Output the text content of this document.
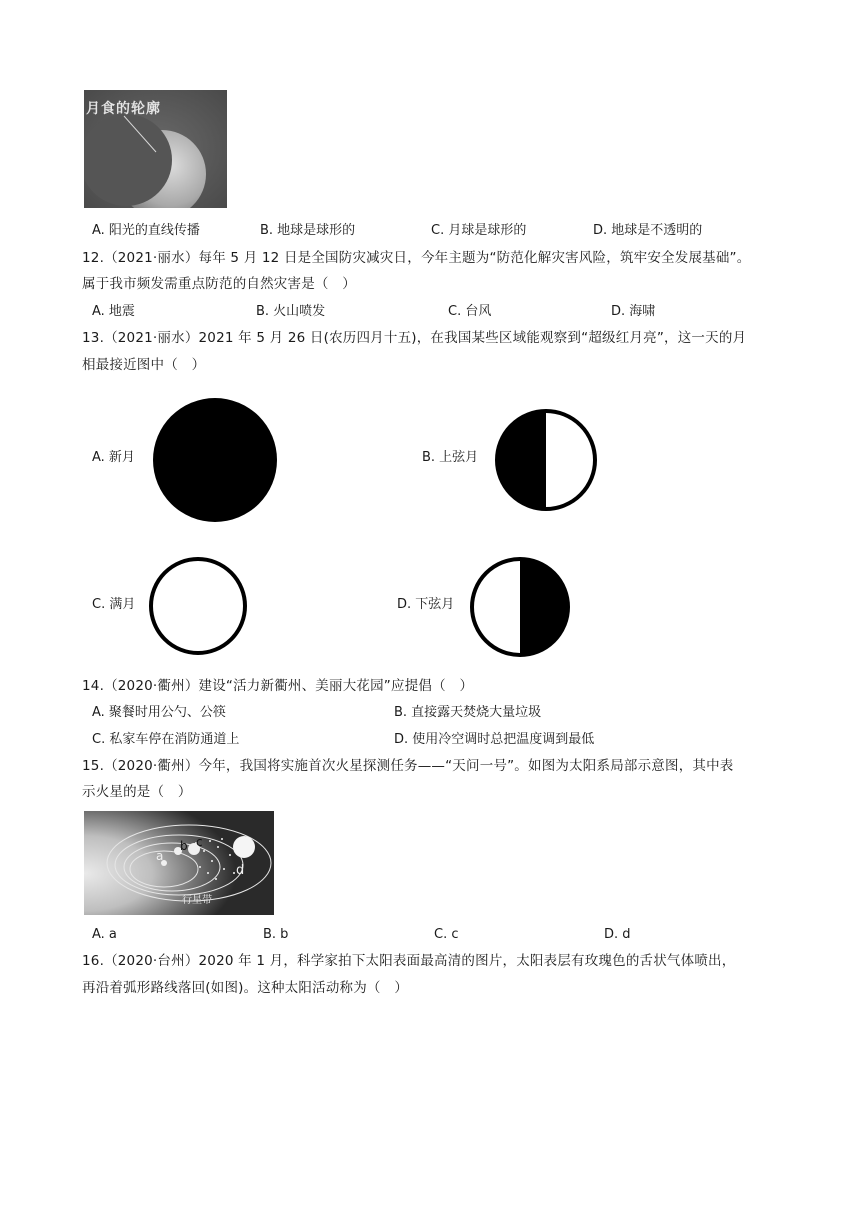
月食的轮廓
A. 阳光的直线传播	B. 地球是球形的	C. 月球是球形的	D. 地球是不透明的
12.（2021·丽水）每年 5 月 12 日是全国防灾减灾日，今年主题为“防范化解灾害风险，筑牢安全发展基础”。
属于我市频发需重点防范的自然灾害是（　）
A. 地震	B. 火山喷发	C. 台风	D. 海啸
13.（2021·丽水）2021 年 5 月 26 日(农历四月十五)，在我国某些区域能观察到“超级红月亮”，这一天的月
相最接近图中（　）
A. 新月	B. 上弦月
C. 满月	D. 下弦月
14.（2020·衢州）建设“活力新衢州、美丽大花园”应提倡（　）
A. 聚餐时用公勺、公筷	B. 直接露天焚烧大量垃圾
C. 私家车停在消防通道上	D. 使用冷空调时总把温度调到最低
15.（2020·衢州）今年，我国将实施首次火星探测任务——“天问一号”。如图为太阳系局部示意图，其中表
示火星的是（　）
a
b c
d
行星带
A. a	B. b	C. c	D. d
16.（2020·台州）2020 年 1 月，科学家拍下太阳表面最高清的图片，太阳表层有玫瑰色的舌状气体喷出，
再沿着弧形路线落回(如图)。这种太阳活动称为（　）
